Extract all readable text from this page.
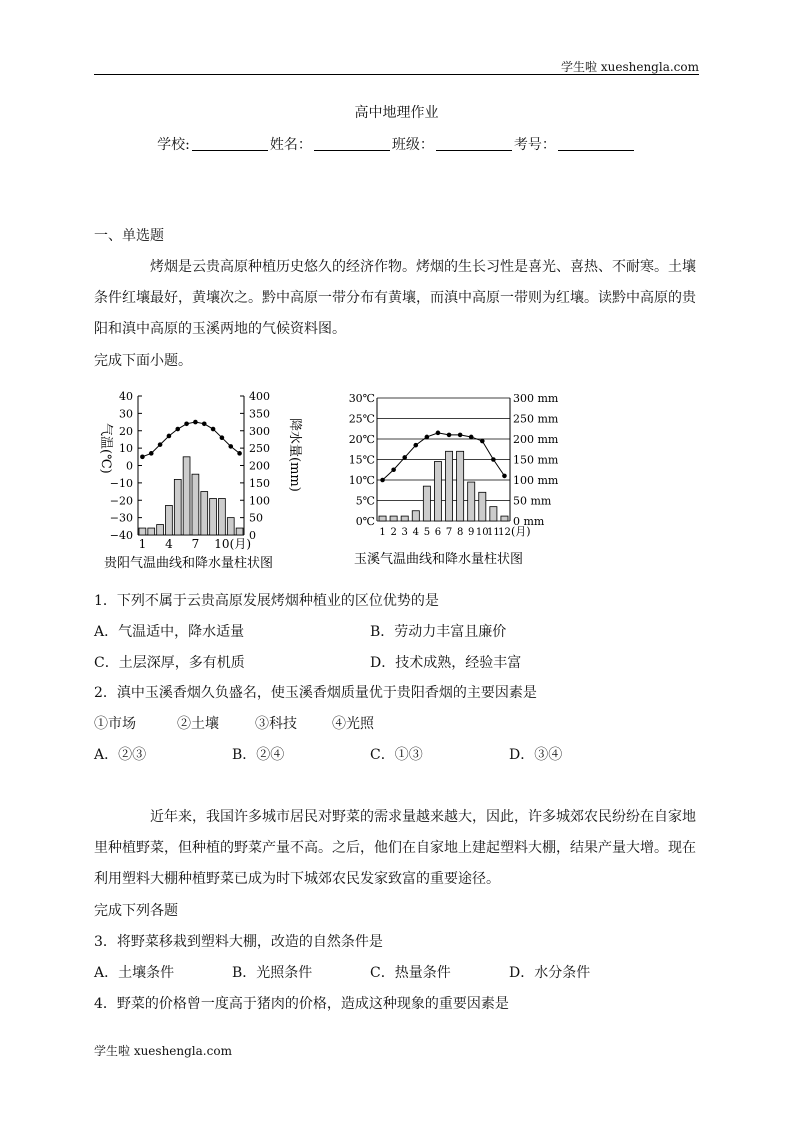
学生啦 xueshengla.com
高中地理作业
学校:	姓名：	班级：	考号：
一、单选题
烤烟是云贵高原种植历史悠久的经济作物。烤烟的生长习性是喜光、喜热、不耐寒。土壤条件红壤最好，黄壤次之。黔中高原一带分布有黄壤，而滇中高原一带则为红壤。读黔中高原的贵阳和滇中高原的玉溪两地的气候资料图。
完成下面小题。
40
30
20
10
0
−10
−20
−30
−40
400
350
300
250
200
150
100
50
0
气温(℃)	降水量(mm)
1 4 7 10 (月)
贵阳气温曲线和降水量柱状图
30℃
25℃
20℃
15℃
10℃
5℃
0℃
300 mm
250 mm
200 mm
150 mm
100 mm
50 mm
0 mm
1 2 3 4 5 6 7 8 9 10
11
12 (月)
玉溪气温曲线和降水量柱状图
1．下列不属于云贵高原发展烤烟种植业的区位优势的是
A．气温适中，降水适量	B．劳动力丰富且廉价
C．土层深厚，多有机质	D．技术成熟，经验丰富
2．滇中玉溪香烟久负盛名，使玉溪香烟质量优于贵阳香烟的主要因素是
①市场	②土壤	③科技	④光照
A．②③	B．②④	C．①③	D．③④
近年来，我国许多城市居民对野菜的需求量越来越大，因此，许多城郊农民纷纷在自家地里种植野菜，但种植的野菜产量不高。之后，他们在自家地上建起塑料大棚，结果产量大增。现在利用塑料大棚种植野菜已成为时下城郊农民发家致富的重要途径。
完成下列各题
3．将野菜移栽到塑料大棚，改造的自然条件是
A．土壤条件	B．光照条件	C．热量条件	D．水分条件
4．野菜的价格曾一度高于猪肉的价格，造成这种现象的重要因素是
学生啦 xueshengla.com
